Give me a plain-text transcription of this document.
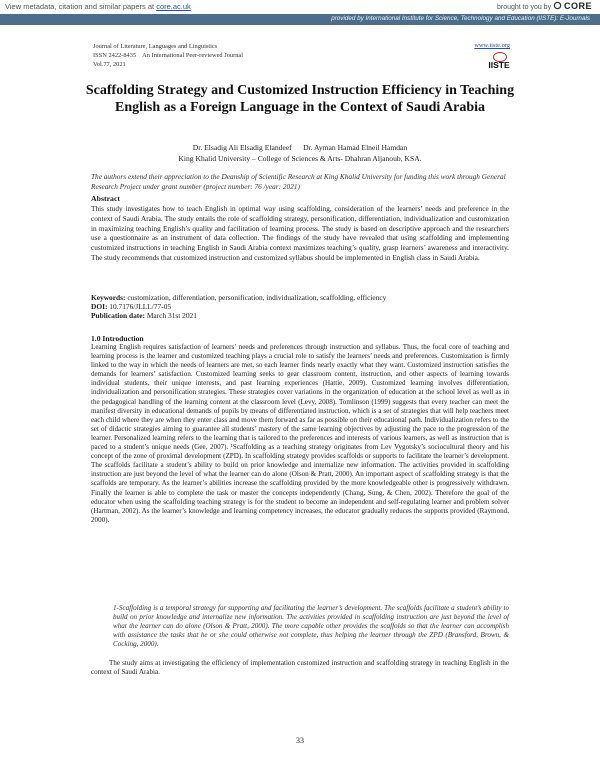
View metadata, citation and similar papers at core.ac.uk	brought to you by CORE
provided by International Institute for Science, Technology and Education (IISTE): E-Journals
Journal of Literature, Languages and Linguistics
ISSN 2422-8435    An International Peer-reviewed Journal
Vol.77, 2021
www.iiste.org
IISTE
Scaffolding Strategy and Customized Instruction Efficiency in Teaching English as a Foreign Language in the Context of Saudi Arabia
Dr. Elsadig Ali Elsadig Elandeef      Dr. Ayman Hamad Elneil Hamdan
King Khalid University – College of Sciences & Arts- Dhahran Aljanoub, KSA.
The authors extend their appreciation to the Deanship of Scientific Research at King Khalid University for funding this work through General Research Project under grant number (project number: 76 /year: 2021)
Abstract
This study investigates how to teach English in optimal way using scaffolding, consideration of the learners’ needs and preference in the context of Saudi Arabia. The study entails the role of scaffolding strategy, personification, differentiation, individualization and customization in maximizing teaching English’s quality and facilitation of learning process. The study is based on descriptive approach and the researchers use a questionnaire as an instrument of data collection. The findings of the study have revealed that using scaffolding and implementing customized instructions in teaching English in Saudi Arabia context maximizes teaching’s quality, grasp learners’ awareness and interactivity. The study recommends that customized instruction and customized syllabus should be implemented in English class in Saudi Arabia.
Keywords: customization, differentiation, personification, individualization, scaffolding, efficiency
DOI: 10.7176/JLLL/77-05
Publication date: March 31st 2021
1.0 Introduction
Learning English requires satisfaction of learners’ needs and preferences through instruction and syllabus. Thus, the focal core of teaching and learning process is the learner and customized teaching plays a crucial role to satisfy the learners’ needs and preferences. Customization is firmly linked to the way in which the needs of learners are met, so each learner finds nearly exactly what they want. Customized instruction satisfies the demands for learners’ satisfaction. Customized learning seeks to gear classroom content, instruction, and other aspects of learning towards individual students, their unique interests, and past learning experiences (Hattie, 2009). Customized learning involves differentiation, individualization and personification strategies. These strategies cover variations in the organization of education at the school level as well as in the pedagogical handling of the learning content at the classroom level (Levy, 2008). Tomlinson (1999) suggests that every teacher can meet the manifest diversity in educational demands of pupils by means of differentiated instruction, which is a set of strategies that will help teachers meet each child where they are when they enter class and move them forward as far as possible on their educational path. Individualization refers to the set of didactic strategies aiming to guarantee all students’ mastery of the same learning objectives by adjusting the pace to the progression of the learner. Personalized learning refers to the learning that is tailored to the preferences and interests of various learners, as well as instruction that is paced to a student’s unique needs (Gee, 2007). ¹Scaffolding as a teaching strategy originates from Lev Vygotsky’s sociocultural theory and his concept of the zone of proximal development (ZPD). In scaffolding strategy provides scaffolds or supports to facilitate the learner’s development. The scaffolds facilitate a student’s ability to build on prior knowledge and internalize new information. The activities provided in scaffolding instruction are just beyond the level of what the learner can do alone (Olson & Pratt, 2000). An important aspect of scaffolding strategy is that the scaffolds are temporary. As the learner’s abilities increase the scaffolding provided by the more knowledgeable other is progressively withdrawn. Finally the learner is able to complete the task or master the concepts independently (Chang, Sung, & Chen, 2002). Therefore the goal of the educator when using the scaffolding teaching strategy is for the student to become an independent and self-regulating learner and problem solver (Hartman, 2002). As the learner’s knowledge and learning competency increases, the educator gradually reduces the supports provided (Raymond, 2000).
1-Scaffolding is a temporal strategy for supporting and facilitating the learner’s development. The scaffolds facilitate a student’s ability to build on prior knowledge and internalize new information. The activities provided in scaffolding instruction are just beyond the level of what the learner can do alone (Olson & Pratt, 2000). The more capable other provides the scaffolds so that the learner can accomplish with assistance the tasks that he or she could otherwise not complete, thus helping the learner through the ZPD (Bransford, Brown, & Cocking, 2000).
The study aims at investigating the efficiency of implementation customized instruction and scaffolding strategy in teaching English in the context of Saudi Arabia.
33
